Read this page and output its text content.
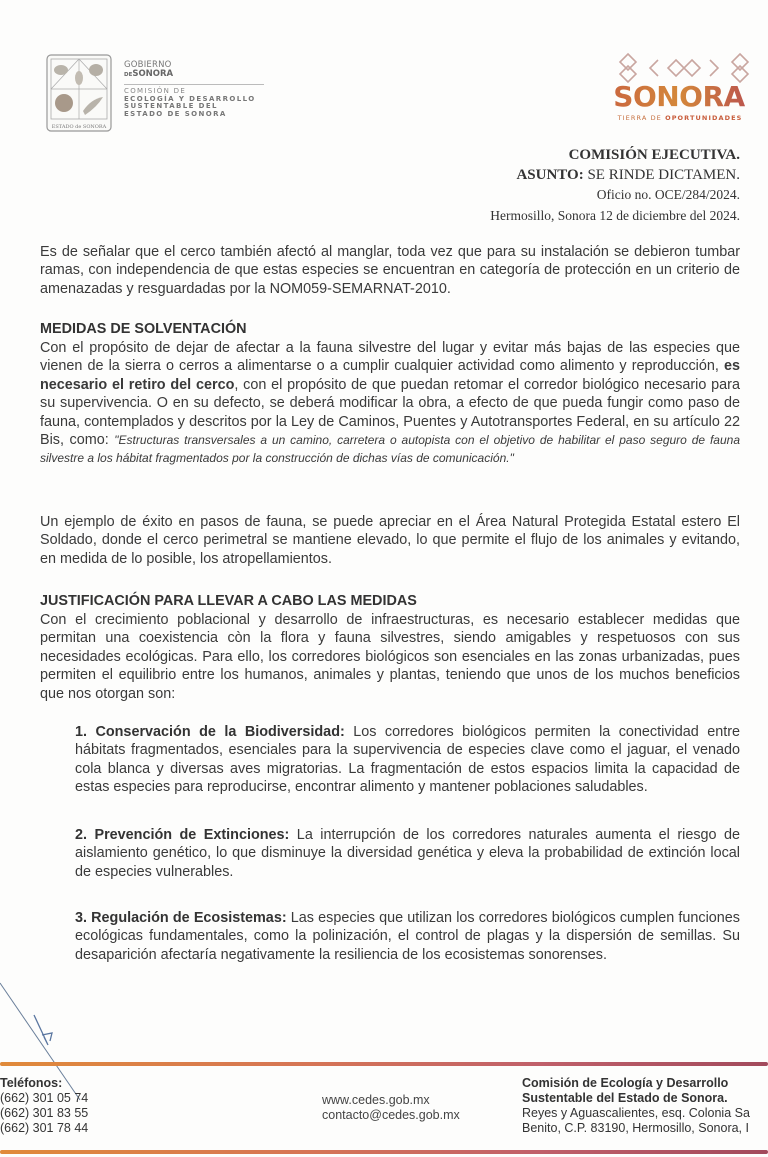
ESTADO de SONORA
GOBIERNO
DESONORA
COMISIÓN DE
ECOLOGÍA Y DESARROLLO
SUSTENTABLE DEL
ESTADO DE SONORA
SONORA
TIERRA DE OPORTUNIDADES
COMISIÓN EJECUTIVA.
ASUNTO: SE RINDE DICTAMEN.
Oficio no. OCE/284/2024.
Hermosillo, Sonora 12 de diciembre del 2024.
Es de señalar que el cerco también afectó al manglar, toda vez que para su instalación se debieron tumbar ramas, con independencia de que estas especies se encuentran en categoría de protección en un criterio de amenazadas y resguardadas por la NOM059-SEMARNAT-2010.
MEDIDAS DE SOLVENTACIÓN
Con el propósito de dejar de afectar a la fauna silvestre del lugar y evitar más bajas de las especies que vienen de la sierra o cerros a alimentarse o a cumplir cualquier actividad como alimento y reproducción, es necesario el retiro del cerco, con el propósito de que puedan retomar el corredor biológico necesario para su supervivencia. O en su defecto, se deberá modificar la obra, a efecto de que pueda fungir como paso de fauna, contemplados y descritos por la Ley de Caminos, Puentes y Autotransportes Federal, en su artículo 22 Bis, como: "Estructuras transversales a un camino, carretera o autopista con el objetivo de habilitar el paso seguro de fauna silvestre a los hábitat fragmentados por la construcción de dichas vías de comunicación."
Un ejemplo de éxito en pasos de fauna, se puede apreciar en el Área Natural Protegida Estatal estero El Soldado, donde el cerco perimetral se mantiene elevado, lo que permite el flujo de los animales y evitando, en medida de lo posible, los atropellamientos.
JUSTIFICACIÓN PARA LLEVAR A CABO LAS MEDIDAS
Con el crecimiento poblacional y desarrollo de infraestructuras, es necesario establecer medidas que permitan una coexistencia còn la flora y fauna silvestres, siendo amigables y respetuosos con sus necesidades ecológicas. Para ello, los corredores biológicos son esenciales en las zonas urbanizadas, pues permiten el equilibrio entre los humanos, animales y plantas, teniendo que unos de los muchos beneficios que nos otorgan son:
1. Conservación de la Biodiversidad: Los corredores biológicos permiten la conectividad entre hábitats fragmentados, esenciales para la supervivencia de especies clave como el jaguar, el venado cola blanca y diversas aves migratorias. La fragmentación de estos espacios limita la capacidad de estas especies para reproducirse, encontrar alimento y mantener poblaciones saludables.
2. Prevención de Extinciones: La interrupción de los corredores naturales aumenta el riesgo de aislamiento genético, lo que disminuye la diversidad genética y eleva la probabilidad de extinción local de especies vulnerables.
3. Regulación de Ecosistemas: Las especies que utilizan los corredores biológicos cumplen funciones ecológicas fundamentales, como la polinización, el control de plagas y la dispersión de semillas. Su desaparición afectaría negativamente la resiliencia de los ecosistemas sonorenses.
Teléfonos:
(662) 301 05 74
(662) 301 83 55
(662) 301 78 44
www.cedes.gob.mx
contacto@cedes.gob.mx
Comisión de Ecología y Desarrollo
Sustentable del Estado de Sonora.
Reyes y Aguascalientes, esq. Colonia Sa
Benito, C.P. 83190, Hermosillo, Sonora, I
